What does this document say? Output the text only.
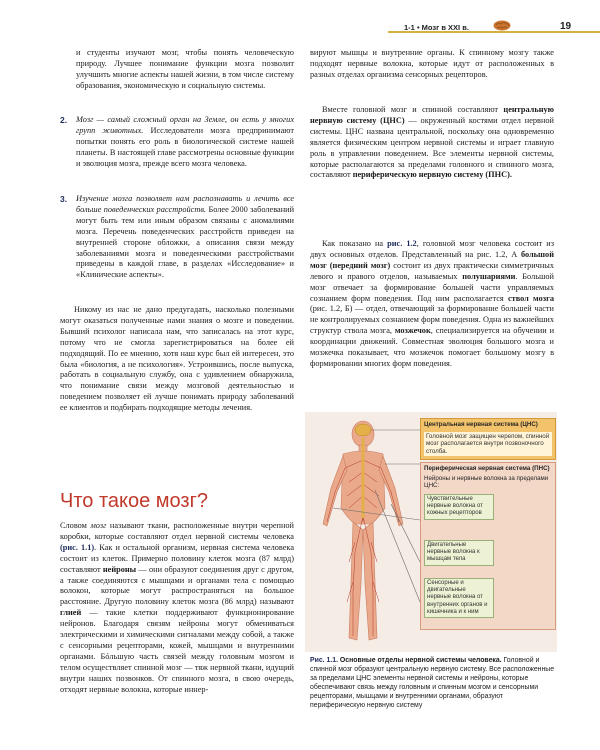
1-1 • Мозг в XXI в.	19
и студенты изучают мозг, чтобы понять человеческую природу. Лучшее понимание функции мозга позволит улучшить многие аспекты нашей жизни, в том числе систему образования, экономическую и социальную системы.
2. Мозг — самый сложный орган на Земле, он есть у многих групп животных. Исследователи мозга предпринимают попытки понять его роль в биологической системе нашей планеты. В настоящей главе рассмотрены основные функции и эволюция мозга, прежде всего мозга человека.
3. Изучение мозга позволяет нам распознавать и лечить все больше поведенческих расстройств. Более 2000 заболеваний могут быть тем или иным образом связаны с аномалиями мозга. Перечень поведенческих расстройств приведен на внутренней стороне обложки, а описания связи между заболеваниями мозга и поведенческими расстройствами приведены в каждой главе, в разделах «Исследование» и «Клинические аспекты».
Никому из нас не дано предугадать, насколько полезными могут оказаться полученные нами знания о мозге и поведении. Бывший психолог написала нам, что записалась на этот курс, потому что не смогла зарегистрироваться на более ей подходящий. По ее мнению, хотя наш курс был ей интересен, это была «биология, а не психология». Устроившись, после выпуска, работать в социальную службу, она с удивлением обнаружила, что понимание связи между мозговой деятельностью и поведением позволяет ей лучше понимать природу заболеваний ее клиентов и подбирать подходящие методы лечения.
Что такое мозг?
Словом мозг называют ткани, расположенные внутри черепной коробки, которые составляют отдел нервной системы человека (рис. 1.1). Как и остальной организм, нервная система человека состоит из клеток. Примерно половину клеток мозга (87 млрд) составляют нейроны — они образуют соединения друг с другом, а также соединяются с мышцами и органами тела с помощью волокон, которые могут распространяться на большое расстояние. Другую половину клеток мозга (86 млрд) называют глией — такие клетки поддерживают функционирование нейронов. Благодаря связям нейроны могут обмениваться электрическими и химическими сигналами между собой, а также с сенсорными рецепторами, кожей, мышцами и внутренними органами. Бóльшую часть связей между головным мозгом и телом осуществляет спинной мозг — тяж нервной ткани, идущий внутри наших позвонков. От спинного мозга, в свою очередь, отходят нервные волокна, которые иннер-
вируют мышцы и внутренние органы. К спинному мозгу также подходят нервные волокна, которые идут от расположенных в разных отделах организма сенсорных рецепторов.
Вместе головной мозг и спинной составляют центральную нервную систему (ЦНС) — окруженный костями отдел нервной системы. ЦНС названа центральной, поскольку она одновременно является физическим центром нервной системы и играет главную роль в управлении поведением. Все элементы нервной системы, которые располагаются за пределами головного и спинного мозга, составляют периферическую нервную систему (ПНС).
Как показано на рис. 1.2, головной мозг человека состоит из двух основных отделов. Представленный на рис. 1.2, А большой мозг (передний мозг) состоит из двух практически симметричных левого и правого отделов, называемых полушариями. Большой мозг отвечает за формирование большей части управляемых сознанием форм поведения. Под ним располагается ствол мозга (рис. 1.2, Б) — отдел, отвечающий за формирование большей части не контролируемых сознанием форм поведения. Одна из важнейших структур ствола мозга, мозжечок, специализируется на обучении и координации движений. Совместная эволюция большого мозга и мозжечка показывает, что мозжечок помогает большому мозгу в формировании многих форм поведения.
Центральная нервная система (ЦНС)
Головной мозг защищен черепом, спинной мозг располагается внутри позвоночного столба.
Периферическая нервная система (ПНС)
Нейроны и нервные волокна за пределами ЦНС:
Чувствительные нервные волокна от кожных рецепторов
Двигательные нервные волокна к мышцам тела
Сенсорные и двигательные нервные волокна от внутренних органов и кишечника и к ним
Рис. 1.1. Основные отделы нервной системы человека. Головной и спинной мозг образуют центральную нервную систему. Все расположенные за пределами ЦНС элементы нервной системы и нейроны, которые обеспечивают связь между головным и спинным мозгом и сенсорными рецепторами, мышцами и внутренними органами, образуют периферическую нервную систему
